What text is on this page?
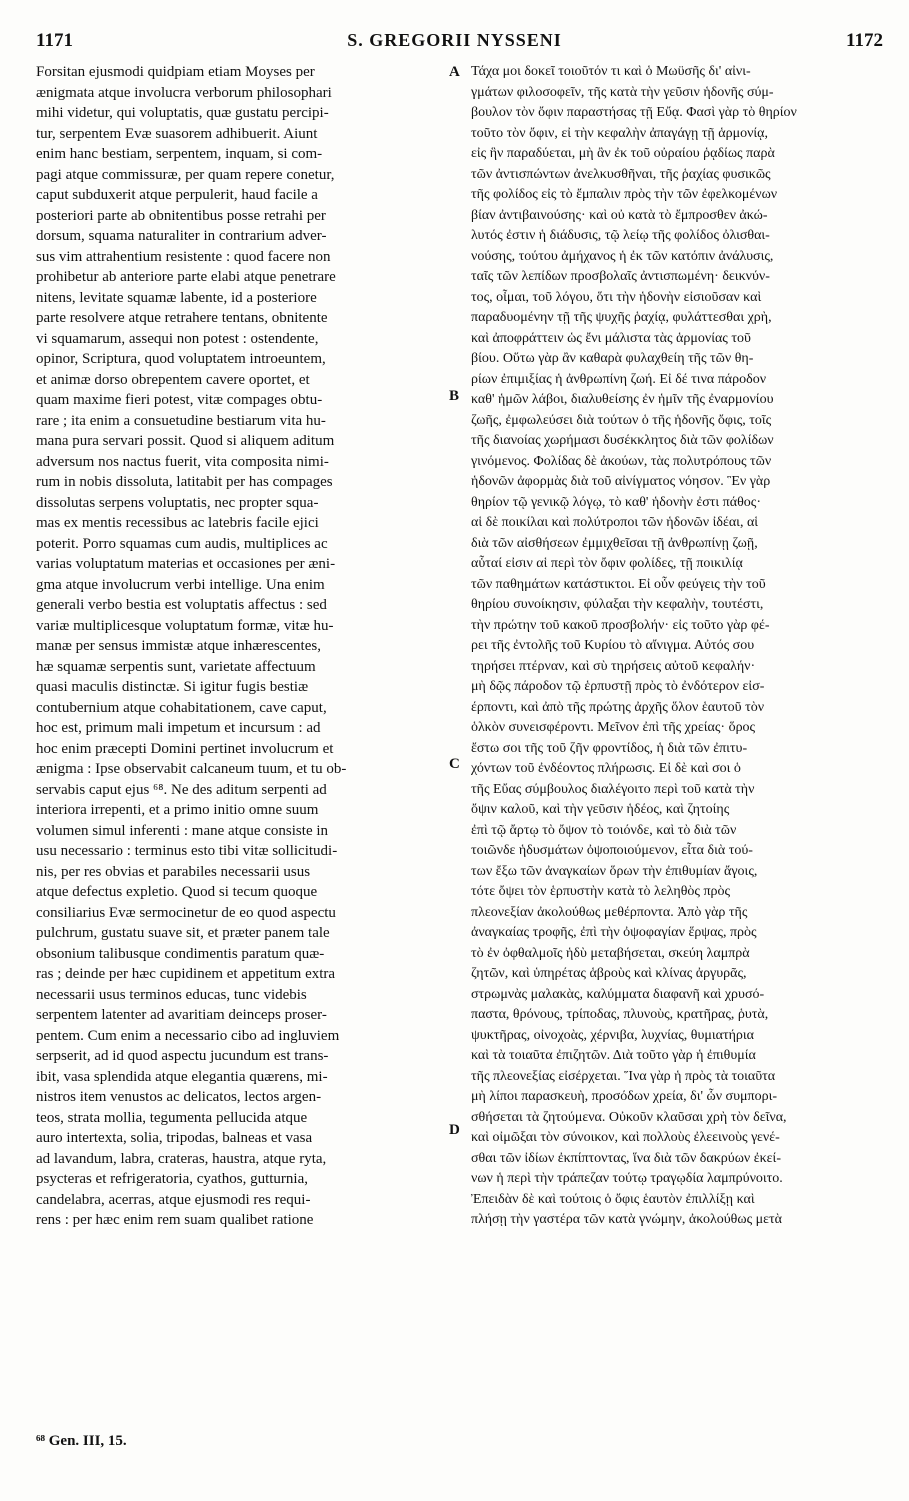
1171	S. GREGORII NYSSENI	1172
Forsitan ejusmodi quidpiam etiam Moyses per
ænigmata atque involucra verborum philosophari
mihi videtur, qui voluptatis, quæ gustatu percipi-
tur, serpentem Evæ suasorem adhibuerit. Aiunt
enim hanc bestiam, serpentem, inquam, si com-
pagi atque commissuræ, per quam repere conetur,
caput subduxerit atque perpulerit, haud facile a
posteriori parte ab obnitentibus posse retrahi per
dorsum, squama naturaliter in contrarium adver-
sus vim attrahentium resistente : quod facere non
prohibetur ab anteriore parte elabi atque penetrare
nitens, levitate squamæ labente, id a posteriore
parte resolvere atque retrahere tentans, obnitente
vi squamarum, assequi non potest : ostendente,
opinor, Scriptura, quod voluptatem introeuntem,
et animæ dorso obrepentem cavere oportet, et
quam maxime fieri potest, vitæ compages obtu-
rare ; ita enim a consuetudine bestiarum vita hu-
mana pura servari possit. Quod si aliquem aditum
adversum nos nactus fuerit, vita composita nimi-
rum in nobis dissoluta, latitabit per has compages
dissolutas serpens voluptatis, nec propter squa-
mas ex mentis recessibus ac latebris facile ejici
poterit. Porro squamas cum audis, multiplices ac
varias voluptatum materias et occasiones per æni-
gma atque involucrum verbi intellige. Una enim
generali verbo bestia est voluptatis affectus : sed
variæ multiplicesque voluptatum formæ, vitæ hu-
manæ per sensus immistæ atque inhærescentes,
hæ squamæ serpentis sunt, varietate affectuum
quasi maculis distinctæ. Si igitur fugis bestiæ
contubernium atque cohabitationem, cave caput,
hoc est, primum mali impetum et incursum : ad
hoc enim præcepti Domini pertinet involucrum et
ænigma : Ipse observabit calcaneum tuum, et tu ob-
servabis caput ejus ⁶⁸. Ne des aditum serpenti ad
interiora irrepenti, et a primo initio omne suum
volumen simul inferenti : mane atque consiste in
usu necessario : terminus esto tibi vitæ sollicitudi-
nis, per res obvias et parabiles necessarii usus
atque defectus expletio. Quod si tecum quoque
consiliarius Evæ sermocinetur de eo quod aspectu
pulchrum, gustatu suave sit, et præter panem tale
obsonium talibusque condimentis paratum quæ-
ras ; deinde per hæc cupidinem et appetitum extra
necessarii usus terminos educas, tunc videbis
serpentem latenter ad avaritiam deinceps proser-
pentem. Cum enim a necessario cibo ad ingluviem
serpserit, ad id quod aspectu jucundum est trans-
ibit, vasa splendida atque elegantia quærens, mi-
nistros item venustos ac delicatos, lectos argen-
teos, strata mollia, tegumenta pellucida atque
auro intertexta, solia, tripodas, balneas et vasa
ad lavandum, labra, crateras, haustra, atque ryta,
psycteras et refrigeratoria, cyathos, gutturnia,
candelabra, acerras, atque ejusmodi res requi-
rens : per hæc enim rem suam qualibet ratione
Τάχα μοι δοκεῖ τοιοῦτόν τι καὶ ὁ Μωϋσῆς δι' αἰνι-
γμάτων φιλοσοφεῖν, τῆς κατὰ τὴν γεῦσιν ἡδονῆς σύμ-
βουλον τὸν ὄφιν παραστήσας τῇ Εὔᾳ. Φασὶ γὰρ τὸ θηρίον
τοῦτο τὸν ὄφιν, εἰ τὴν κεφαλὴν ἀπαγάγῃ τῇ ἁρμονίᾳ,
εἰς ἣν παραδύεται, μὴ ἂν ἐκ τοῦ οὐραίου ῥᾳδίως παρὰ
τῶν ἀντισπώντων ἀνελκυσθῆναι, τῆς ῥαχίας φυσικῶς
τῆς φολίδος εἰς τὸ ἔμπαλιν πρὸς τὴν τῶν ἐφελκομένων
βίαν ἀντιβαινούσης· καὶ οὐ κατὰ τὸ ἔμπροσθεν ἀκώ-
λυτός ἐστιν ἡ διάδυσις, τῷ λείῳ τῆς φολίδος ὀλισθαι-
νούσης, τούτου ἀμήχανος ἡ ἐκ τῶν κατόπιν ἀνάλυσις,
ταῖς τῶν λεπίδων προσβολαῖς ἀντισπωμένη· δεικνύν-
τος, οἶμαι, τοῦ λόγου, ὅτι τὴν ἡδονὴν εἰσιοῦσαν καὶ
παραδυομένην τῇ τῆς ψυχῆς ῥαχίᾳ, φυλάττεσθαι χρὴ,
καὶ ἀποφράττειν ὡς ἔνι μάλιστα τὰς ἁρμονίας τοῦ
βίου. Οὕτω γὰρ ἂν καθαρὰ φυλαχθείη τῆς τῶν θη-
ρίων ἐπιμιξίας ἡ ἀνθρωπίνη ζωή. Εἰ δέ τινα πάροδον
καθ' ἡμῶν λάβοι, διαλυθείσης ἐν ἡμῖν τῆς ἐναρμονίου
ζωῆς, ἐμφωλεύσει διὰ τούτων ὁ τῆς ἡδονῆς ὄφις, τοῖς
τῆς διανοίας χωρήμασι δυσέκκλητος διὰ τῶν φολίδων
γινόμενος. Φολίδας δὲ ἀκούων, τὰς πολυτρόπους τῶν
ἡδονῶν ἀφορμὰς διὰ τοῦ αἰνίγματος νόησον. Ἓν γὰρ
θηρίον τῷ γενικῷ λόγῳ, τὸ καθ' ἡδονὴν ἐστι πάθος·
αἱ δὲ ποικίλαι καὶ πολύτροποι τῶν ἡδονῶν ἰδέαι, αἱ
διὰ τῶν αἰσθήσεων ἐμμιχθεῖσαι τῇ ἀνθρωπίνῃ ζωῇ,
αὗταί εἰσιν αἱ περὶ τὸν ὄφιν φολίδες, τῇ ποικιλίᾳ
τῶν παθημάτων κατάστικτοι. Εἰ οὖν φεύγεις τὴν τοῦ
θηρίου συνοίκησιν, φύλαξαι τὴν κεφαλὴν, τουτέστι,
τὴν πρώτην τοῦ κακοῦ προσβολήν· εἰς τοῦτο γὰρ φέ-
ρει τῆς ἐντολῆς τοῦ Κυρίου τὸ αἴνιγμα. Αὐτός σου
τηρήσει πτέρναν, καὶ σὺ τηρήσεις αὐτοῦ κεφαλήν·
μὴ δῷς πάροδον τῷ ἑρπυστῇ πρὸς τὸ ἐνδότερον εἰσ-
έρποντι, καὶ ἀπὸ τῆς πρώτης ἀρχῆς ὅλον ἑαυτοῦ τὸν
ὁλκὸν συνεισφέροντι. Μεῖνον ἐπὶ τῆς χρείας· ὅρος
ἔστω σοι τῆς τοῦ ζῆν φροντίδος, ἡ διὰ τῶν ἐπιτυ-
χόντων τοῦ ἐνδέοντος πλήρωσις. Εἰ δὲ καὶ σοι ὁ
τῆς Εὔας σύμβουλος διαλέγοιτο περὶ τοῦ κατὰ τὴν
ὄψιν καλοῦ, καὶ τὴν γεῦσιν ἡδέος, καὶ ζητοίης
ἐπὶ τῷ ἄρτῳ τὸ ὄψον τὸ τοιόνδε, καὶ τὸ διὰ τῶν
τοιῶνδε ἡδυσμάτων ὀψοποιούμενον, εἶτα διὰ τού-
των ἔξω τῶν ἀναγκαίων ὅρων τὴν ἐπιθυμίαν ἄγοις,
τότε ὄψει τὸν ἑρπυστὴν κατὰ τὸ λεληθὸς πρὸς
πλεονεξίαν ἀκολούθως μεθέρποντα. Ἀπὸ γὰρ τῆς
ἀναγκαίας τροφῆς, ἐπὶ τὴν ὀψοφαγίαν ἕρψας, πρὸς
τὸ ἐν ὀφθαλμοῖς ἡδὺ μεταβήσεται, σκεύη λαμπρὰ
ζητῶν, καὶ ὑπηρέτας ἁβροὺς καὶ κλίνας ἀργυρᾶς,
στρωμνὰς μαλακὰς, καλύμματα διαφανῆ καὶ χρυσό-
παστα, θρόνους, τρίποδας, πλυνοὺς, κρατῆρας, ῥυτὰ,
ψυκτῆρας, οἰνοχοὰς, χέρνιβα, λυχνίας, θυμιατήρια
καὶ τὰ τοιαῦτα ἐπιζητῶν. Διὰ τοῦτο γὰρ ἡ ἐπιθυμία
τῆς πλεονεξίας εἰσέρχεται. Ἵνα γὰρ ἡ πρὸς τὰ τοιαῦτα
μὴ λίποι παρασκευὴ, προσόδων χρεία, δι' ὧν συμπορι-
σθήσεται τὰ ζητούμενα. Οὐκοῦν κλαῦσαι χρὴ τὸν δεῖνα,
καὶ οἰμῶξαι τὸν σύνοικον, καὶ πολλοὺς ἐλεεινοὺς γενέ-
σθαι τῶν ἰδίων ἐκπίπτοντας, ἵνα διὰ τῶν δακρύων ἐκεί-
νων ἡ περὶ τὴν τράπεζαν τούτῳ τραγῳδία λαμπρύνοιτο.
Ἐπειδὰν δὲ καὶ τούτοις ὁ ὄφις ἑαυτὸν ἐπιλλίξῃ καὶ
πλήσῃ τὴν γαστέρα τῶν κατὰ γνώμην, ἀκολούθως μετὰ
A
B
C
D
⁶⁸ Gen. III, 15.
